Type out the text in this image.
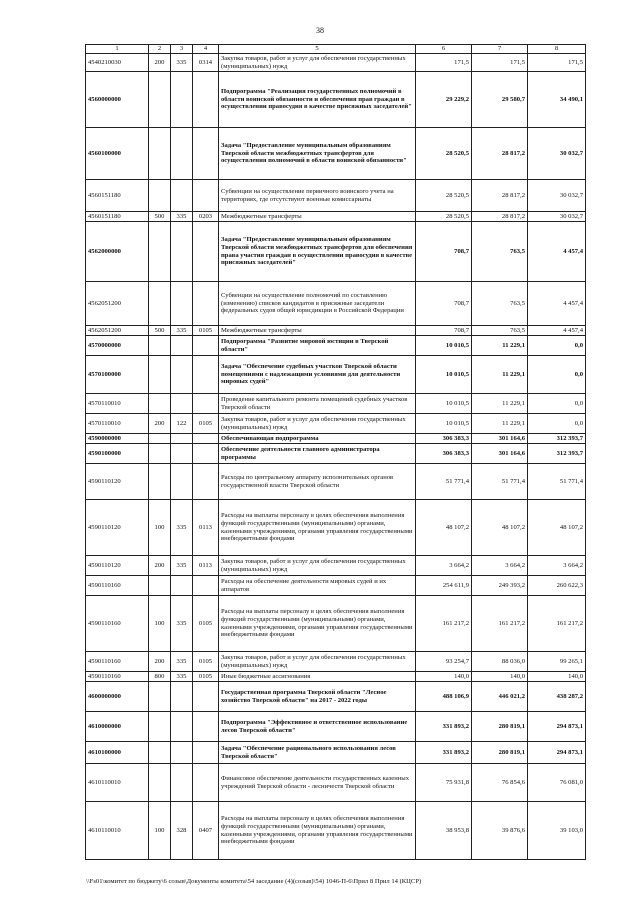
38
1	2	3	4	5	6	7	8
4540210030	200	335	0314	Закупка товаров, работ и услуг для обеспечения государственных (муниципальных) нужд	171,5	171,5	171,5
4560000000				Подпрограмма "Реализация государственных полномочий в области воинской обязанности и обеспечения прав граждан в осуществлении правосудия в качестве присяжных заседателей"	29 229,2	29 580,7	34 490,1
4560100000				Задача "Предоставление муниципальным образованиям Тверской области межбюджетных трансфертов для осуществления полномочий в области воинской обязанности"	28 520,5	28 817,2	30 032,7
4560151180				Субвенции на осуществление первичного воинского учета на территориях, где отсутствуют военные комиссариаты	28 520,5	28 817,2	30 032,7
4560151180	500	335	0203	Межбюджетные трансферты	28 520,5	28 817,2	30 032,7
4562000000				Задача "Предоставление муниципальным образованиям Тверской области межбюджетных трансфертов для обеспечения права участия граждан в осуществлении правосудия в качестве присяжных заседателей"	708,7	763,5	4 457,4
4562051200				Субвенции на осуществление полномочий по составлению (изменению) списков кандидатов в присяжные заседатели федеральных судов общей юрисдикции в Российской Федерации	708,7	763,5	4 457,4
4562051200	500	335	0105	Межбюджетные трансферты	708,7	763,5	4 457,4
4570000000				Подпрограмма "Развитие мировой юстиции в Тверской области"	10 010,5	11 229,1	0,0
4570100000				Задача "Обеспечение судебных участков Тверской области помещениями с надлежащими условиями для деятельности мировых судей"	10 010,5	11 229,1	0,0
4570110010				Проведение капитального ремонта помещений судебных участков Тверской области	10 010,5	11 229,1	0,0
4570110010	200	122	0105	Закупка товаров, работ и услуг для обеспечения государственных (муниципальных) нужд	10 010,5	11 229,1	0,0
4590000000				Обеспечивающая подпрограмма	306 383,3	301 164,6	312 393,7
4590100000				Обеспечение деятельности главного администратора программы	306 383,3	301 164,6	312 393,7
4590110120				Расходы по центральному аппарату исполнительных органов государственной власти Тверской области	51 771,4	51 771,4	51 771,4
4590110120	100	335	0113	Расходы на выплаты персоналу в целях обеспечения выполнения функций государственными (муниципальными) органами, казенными учреждениями, органами управления государственными внебюджетными фондами	48 107,2	48 107,2	48 107,2
4590110120	200	335	0113	Закупка товаров, работ и услуг для обеспечения государственных (муниципальных) нужд	3 664,2	3 664,2	3 664,2
4590110160				Расходы на обеспечение деятельности мировых судей и их аппаратов	254 611,9	249 393,2	260 622,3
4590110160	100	335	0105	Расходы на выплаты персоналу в целях обеспечения выполнения функций государственными (муниципальными) органами, казенными учреждениями, органами управления государственными внебюджетными фондами	161 217,2	161 217,2	161 217,2
4590110160	200	335	0105	Закупка товаров, работ и услуг для обеспечения государственных (муниципальных) нужд	93 254,7	88 036,0	99 265,1
4590110160	800	335	0105	Иные бюджетные ассигнования	140,0	140,0	140,0
4600000000				Государственная программа Тверской области "Лесное хозяйство Тверской области" на 2017 - 2022 годы	488 106,9	446 021,2	438 287,2
4610000000				Подпрограмма "Эффективное и ответственное использование лесов Тверской области"	331 893,2	280 819,1	294 873,1
4610100000				Задача "Обеспечение рационального использования лесов Тверской области"	331 893,2	280 819,1	294 873,1
4610110010				Финансовое обеспечение деятельности государственных казенных учреждений Тверской области - лесничеств Тверской области	75 931,8	76 854,6	76 081,0
4610110010	100	328	0407	Расходы на выплаты персоналу в целях обеспечения выполнения функций государственными (муниципальными) органами, казенными учреждениями, органами управления государственными внебюджетными фондами	38 953,8	39 876,6	39 103,0
\\Fs01\комитет по бюджету\6 созыв\Документы комитета\54 заседание (4)(созыв)\54) 1046-П-6\Прил 8 Прил 14 (КЦСР)
